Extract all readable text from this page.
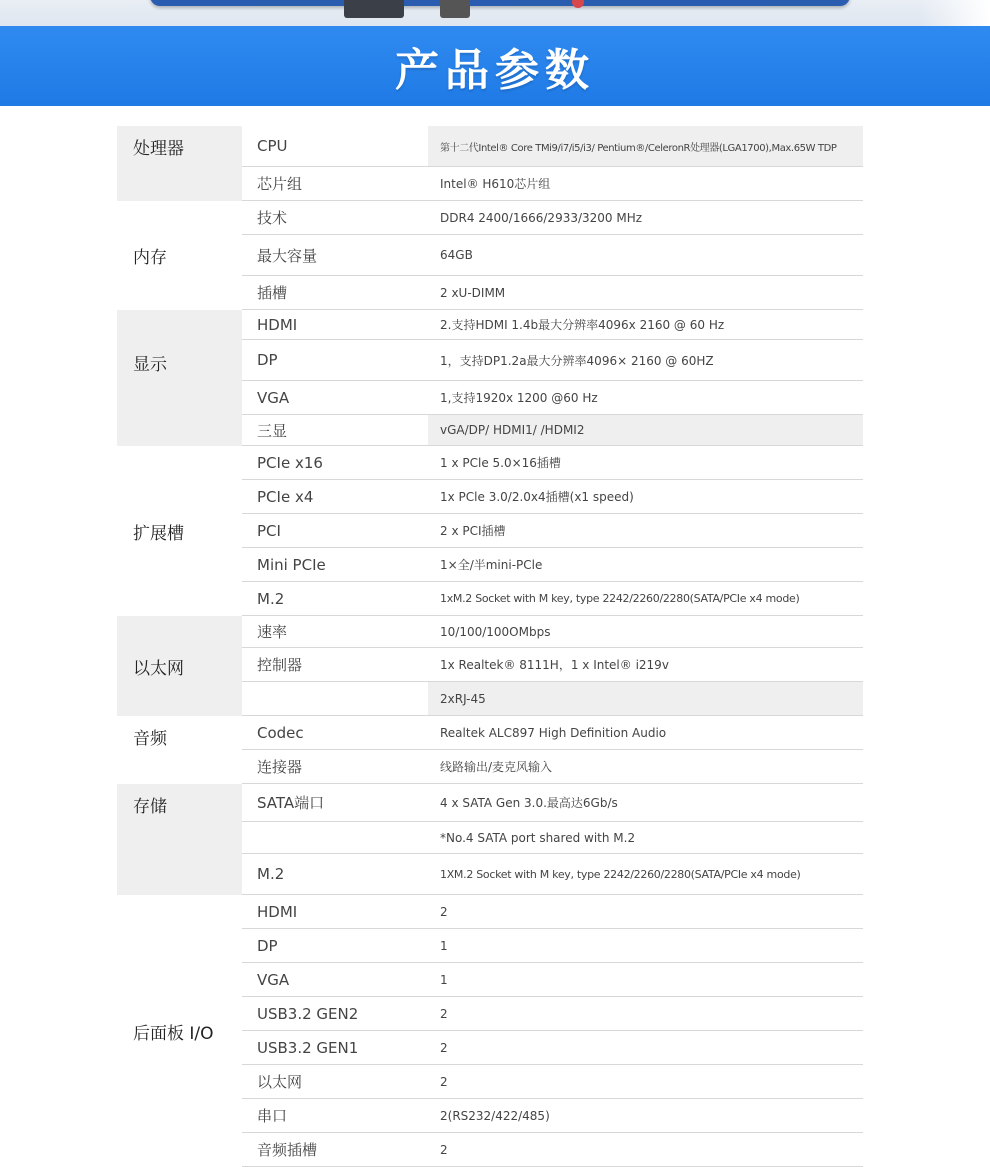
产品参数
处理器	CPU	第十二代Intel® Core TMi9/i7/i5/i3/ Pentium®/CeleronR处理器(LGA1700),Max.65W TDP
芯片组	Intel® H610芯片组
内存
技术	DDR4 2400/1666/2933/3200 MHz
最大容量	64GB
插槽	2 xU-DIMM
显示
HDMI	2.支持HDMI 1.4b最大分辨率4096x 2160 @ 60 Hz
DP	1，支持DP1.2a最大分辨率4096× 2160 @ 60HZ
VGA	1,支持1920x 1200 @60 Hz
三显	vGA/DP/ HDMI1/ /HDMI2
扩展槽
PCIe x16	1 x PCle 5.0×16插槽
PCIe x4	1x PCle 3.0/2.0x4插槽(x1 speed)
PCI	2 x PCI插槽
Mini PCIe	1×全/半mini-PCle
M.2	1xM.2 Socket with M key, type 2242/2260/2280(SATA/PCIe x4 mode)
以太网
速率	10/100/100OMbps
控制器	1x Realtek® 8111H，1 x Intel® i219v
2xRJ-45
音频	Codec	Realtek ALC897 High Definition Audio
连接器	线路输出/麦克风输入
存储	SATA端口	4 x SATA Gen 3.0.最高达6Gb/s
*No.4 SATA port shared with M.2
M.2	1XM.2 Socket with M key, type 2242/2260/2280(SATA/PCIe x4 mode)
后面板 I/O
HDMI	2
DP	1
VGA	1
USB3.2 GEN2	2
USB3.2 GEN1	2
以太网	2
串口	2(RS232/422/485)
音频插槽	2
